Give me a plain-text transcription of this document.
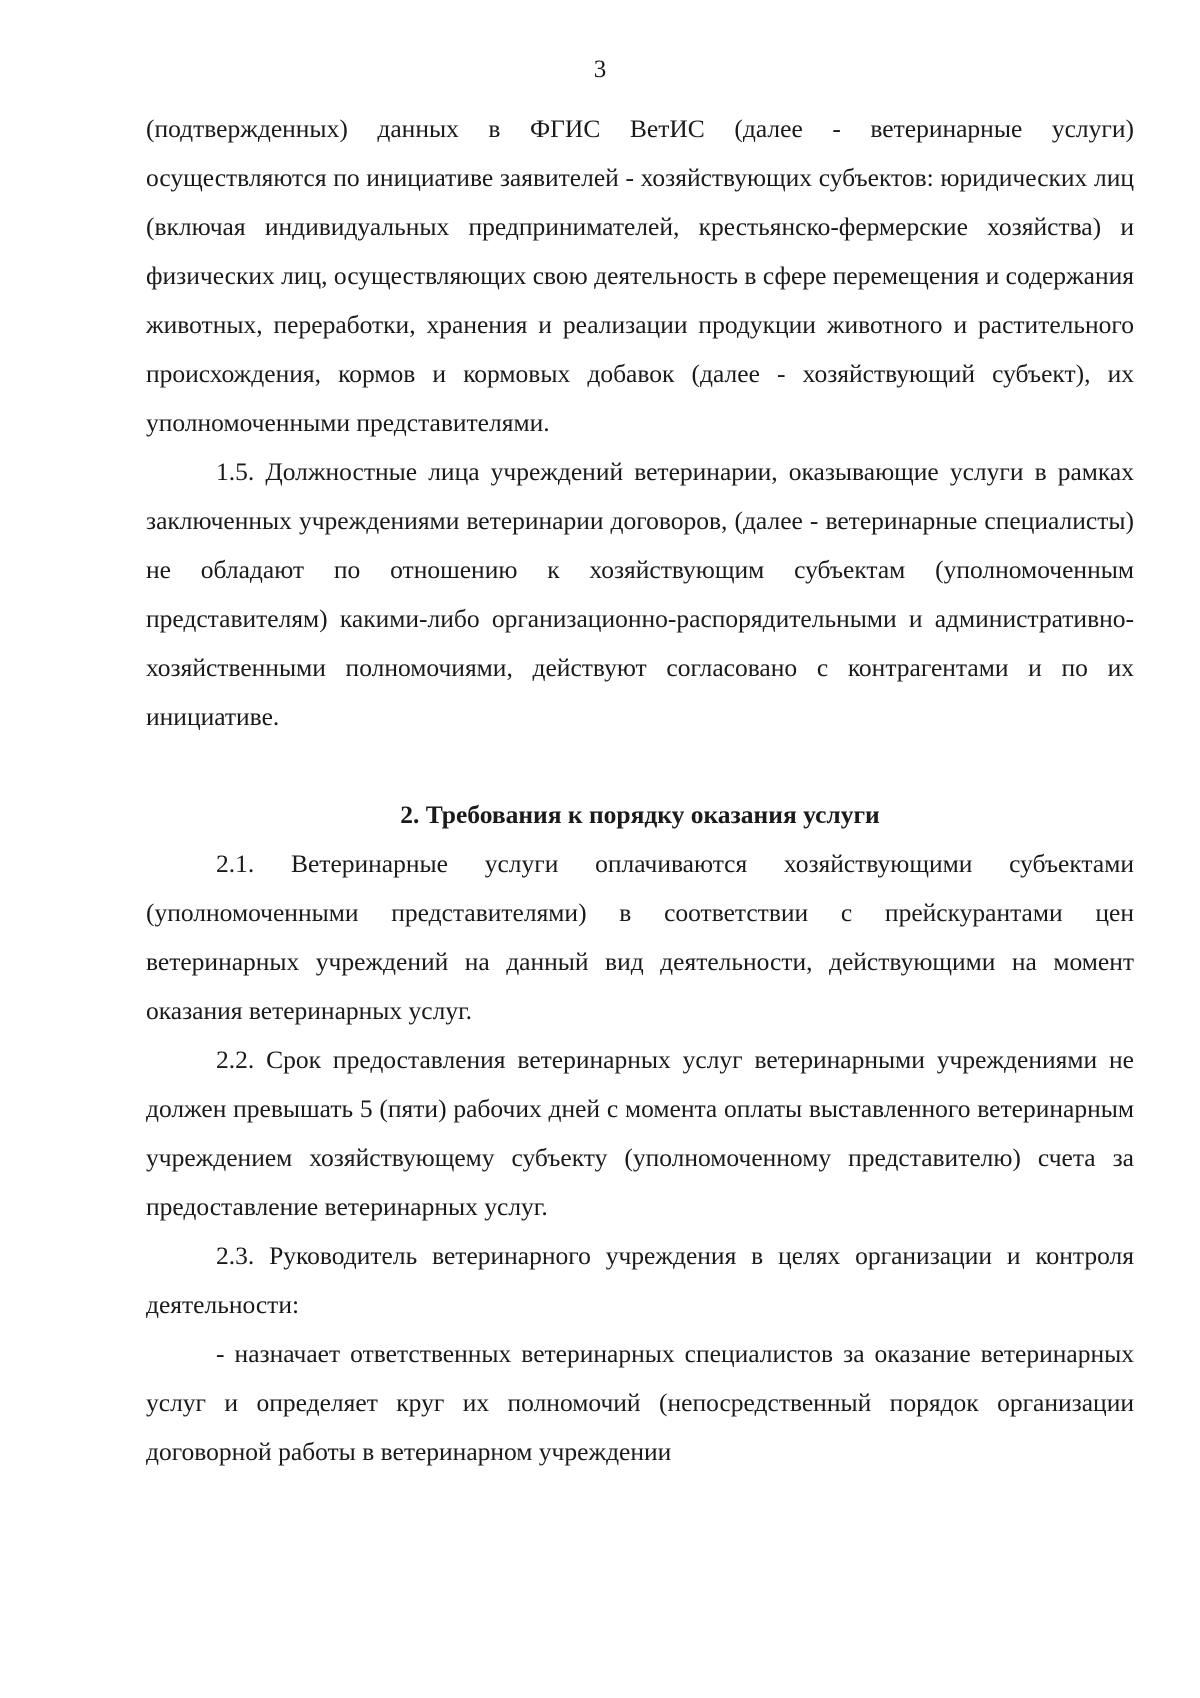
3

(подтвержденных) данных в ФГИС ВетИС (далее - ветеринарные услуги) осуществляются по инициативе заявителей - хозяйствующих субъектов: юридических лиц (включая индивидуальных предпринимателей, крестьянско-фермерские хозяйства) и физических лиц, осуществляющих свою деятельность в сфере перемещения и содержания животных, переработки, хранения и реализации продукции животного и растительного происхождения, кормов и кормовых добавок (далее - хозяйствующий субъект), их уполномоченными представителями.

1.5. Должностные лица учреждений ветеринарии, оказывающие услуги в рамках заключенных учреждениями ветеринарии договоров, (далее - ветеринарные специалисты) не обладают по отношению к хозяйствующим субъектам (уполномоченным представителям) какими-либо организационно-распорядительными и административно-хозяйственными полномочиями, действуют согласовано с контрагентами и по их инициативе.

2. Требования к порядку оказания услуги

2.1. Ветеринарные услуги оплачиваются хозяйствующими субъектами (уполномоченными представителями) в соответствии с прейскурантами цен ветеринарных учреждений на данный вид деятельности, действующими на момент оказания ветеринарных услуг.

2.2. Срок предоставления ветеринарных услуг ветеринарными учреждениями не должен превышать 5 (пяти) рабочих дней с момента оплаты выставленного ветеринарным учреждением хозяйствующему субъекту (уполномоченному представителю) счета за предоставление ветеринарных услуг.

2.3. Руководитель ветеринарного учреждения в целях организации и контроля деятельности:

- назначает ответственных ветеринарных специалистов за оказание ветеринарных услуг и определяет круг их полномочий (непосредственный порядок организации договорной работы в ветеринарном учреждении
